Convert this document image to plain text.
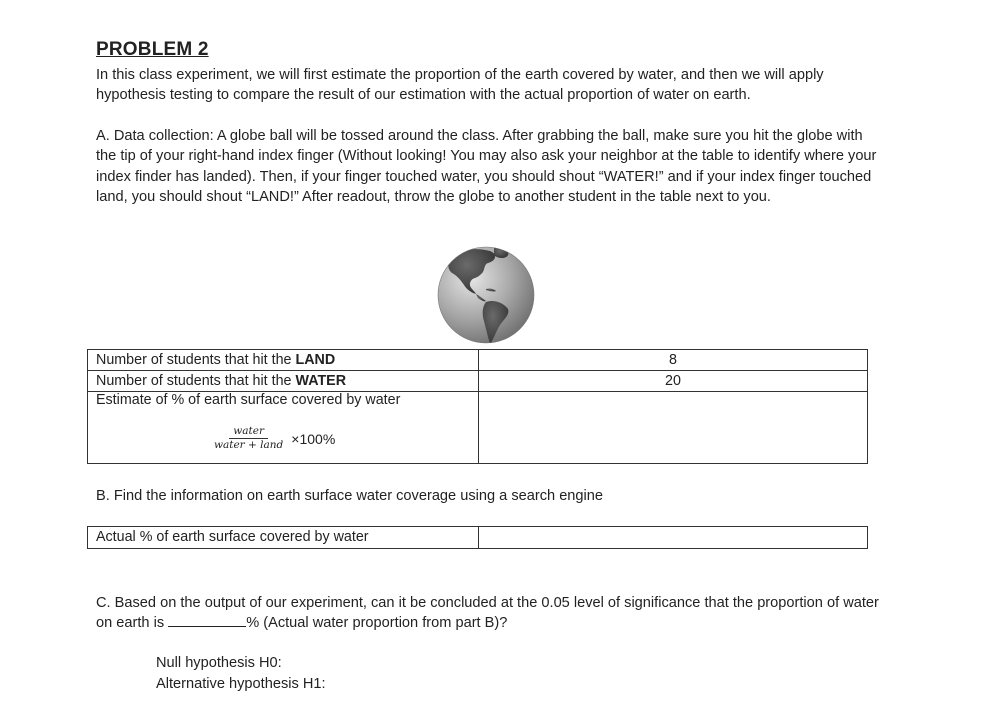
PROBLEM 2
In this class experiment, we will first estimate the proportion of the earth covered by water, and then we will apply hypothesis testing to compare the result of our estimation with the actual proportion of water on earth.
A. Data collection: A globe ball will be tossed around the class. After grabbing the ball, make sure you hit the globe with the tip of your right-hand index finger (Without looking! You may also ask your neighbor at the table to identify where your index finder has landed). Then, if your finger touched water, you should shout “WATER!” and if your index finger touched land, you should shout “LAND!” After readout, throw the globe to another student in the table next to you.
Number of students that hit the LAND	8
Number of students that hit the WATER	20

Estimate of % of earth surface covered by water
$\frac{\text{water}}{\text{water + land}} \times 100\%$	

B. Find the information on earth surface water coverage using a search engine
Actual % of earth surface covered by water	
C. Based on the output of our experiment, can it be concluded at the 0.05 level of significance that the proportion of water on earth is	% (Actual water proportion from part B)?
Null hypothesis H0:
Alternative hypothesis H1:
